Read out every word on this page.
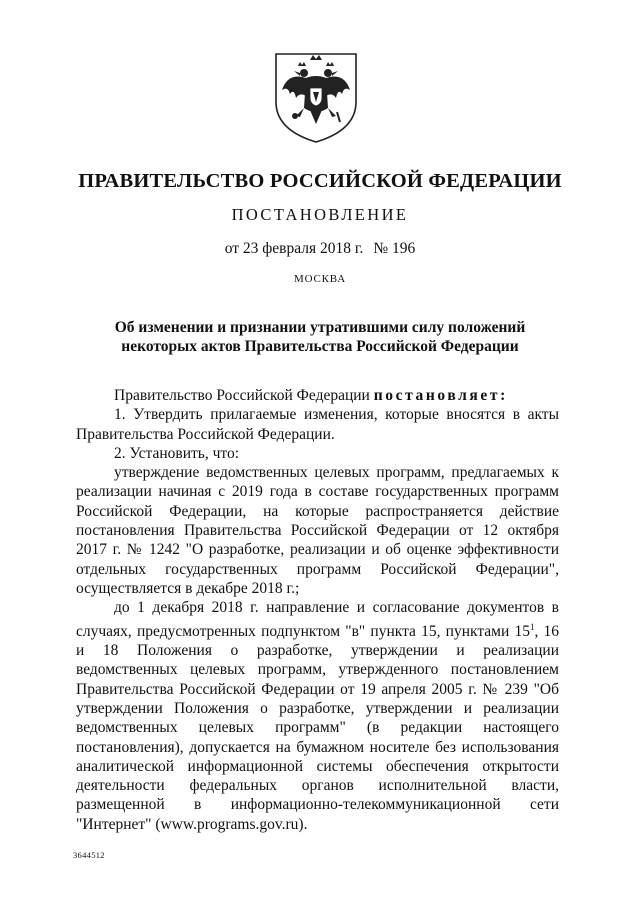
ПРАВИТЕЛЬСТВО РОССИЙСКОЙ ФЕДЕРАЦИИ
ПОСТАНОВЛЕНИЕ
от 23 февраля 2018 г. № 196
МОСКВА
Об изменении и признании утратившими силу положений
некоторых актов Правительства Российской Федерации

Правительство Российской Федерации постановляет:

1. Утвердить прилагаемые изменения, которые вносятся в акты Правительства Российской Федерации.

2. Установить, что:

утверждение ведомственных целевых программ, предлагаемых к реализации начиная с 2019 года в составе государственных программ Российской Федерации, на которые распространяется действие постановления Правительства Российской Федерации от 12 октября 2017 г. № 1242 "О разработке, реализации и об оценке эффективности отдельных государственных программ Российской Федерации", осуществляется в декабре 2018 г.;

до 1 декабря 2018 г. направление и согласование документов в случаях, предусмотренных подпунктом "в" пункта 15, пунктами $15^1$, 16 и 18 Положения о разработке, утверждении и реализации ведомственных целевых программ, утвержденного постановлением Правительства Российской Федерации от 19 апреля 2005 г. № 239 "Об утверждении Положения о разработке, утверждении и реализации ведомственных целевых программ" (в редакции настоящего постановления), допускается на бумажном носителе без использования аналитической информационной системы обеспечения открытости деятельности федеральных органов исполнительной власти, размещенной в информационно-телекоммуникационной сети "Интернет" (www.programs.gov.ru).

3644512
